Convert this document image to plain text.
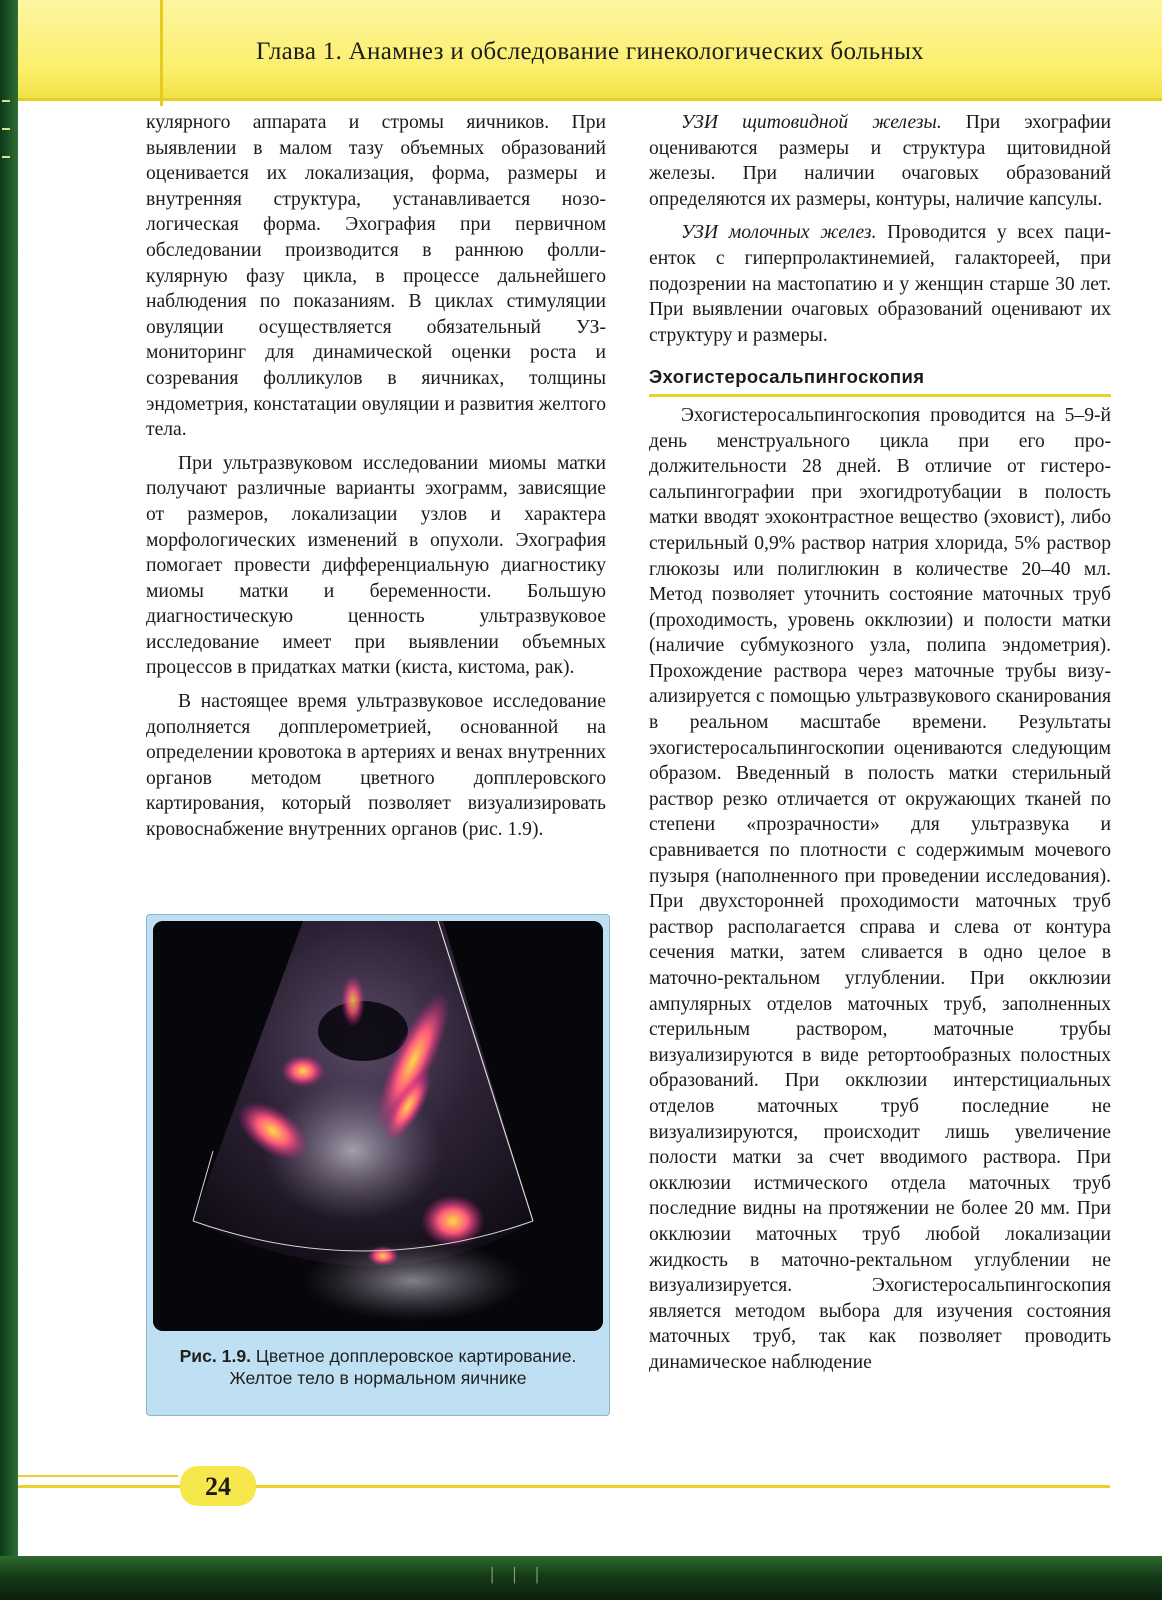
Глава 1. Анамнез и обследование гинекологических больных

кулярного аппарата и стромы яичников. При выявлении в малом тазу объемных образований оценивается их локализация, форма, размеры и внутренняя структура, устанавливается нозологическая форма. Эхография при первичном обследовании производится в раннюю фолликулярную фазу цикла, в процессе дальнейшего наблюдения по показаниям. В циклах стимуляции овуляции осуществляется обязательный УЗ-мониторинг для динамической оценки роста и созревания фолликулов в яичниках, толщины эндометрия, констатации овуляции и развития желтого тела.

При ультразвуковом исследовании миомы матки получают различные варианты эхограмм, зависящие от размеров, локализации узлов и характера морфологических изменений в опухоли. Эхография помогает провести дифференциальную диагностику миомы матки и беременности. Большую диагностическую ценность ультразвуковое исследование имеет при выявлении объемных процессов в придатках матки (киста, кистома, рак).

В настоящее время ультразвуковое исследование дополняется допплерометрией, основанной на определении кровотока в артериях и венах внутренних органов методом цветного допплеровского картирования, который позволяет визуализировать кровоснабжение внутренних органов (рис. 1.9).

Рис. 1.9. Цветное допплеровское картирование. Желтое тело в нормальном яичнике

УЗИ щитовидной железы. При эхографии оцениваются размеры и структура щитовидной железы. При наличии очаговых образований определяются их размеры, контуры, наличие капсулы.

УЗИ молочных желез. Проводится у всех пациенток с гиперпролактинемией, галактореей, при подозрении на мастопатию и у женщин старше 30 лет. При выявлении очаговых образований оценивают их структуру и размеры.

Эхогистеросальпингоскопия

Эхогистеросальпингоскопия проводится на 5–9-й день менструального цикла при его продолжительности 28 дней. В отличие от гистеросальпингографии при эхогидротубации в полость матки вводят эхоконтрастное вещество (эховист), либо стерильный 0,9% раствор натрия хлорида, 5% раствор глюкозы или полиглюкин в количестве 20–40 мл. Метод позволяет уточнить состояние маточных труб (проходимость, уровень окклюзии) и полости матки (наличие субмукозного узла, полипа эндометрия). Прохождение раствора через маточные трубы визуализируется с помощью ультразвукового сканирования в реальном масштабе времени. Результаты эхогистеросальпингоскопии оцениваются следующим образом. Введенный в полость матки стерильный раствор резко отличается от окружающих тканей по степени «прозрачности» для ультразвука и сравнивается по плотности с содержимым мочевого пузыря (наполненного при проведении исследования). При двухсторонней проходимости маточных труб раствор располагается справа и слева от контура сечения матки, затем сливается в одно целое в маточно-ректальном углублении. При окклюзии ампулярных отделов маточных труб, заполненных стерильным раствором, маточные трубы визуализируются в виде ретортообразных полостных образований. При окклюзии интерстициальных отделов маточных труб последние не визуализируются, происходит лишь увеличение полости матки за счет вводимого раствора. При окклюзии истмического отдела маточных труб последние видны на протяжении не более 20 мм. При окклюзии маточных труб любой локализации жидкость в маточно-ректальном углублении не визуализируется. Эхогистеросальпингоскопия является методом выбора для изучения состояния маточных труб, так как позволяет проводить динамическое наблюдение

24
│││
